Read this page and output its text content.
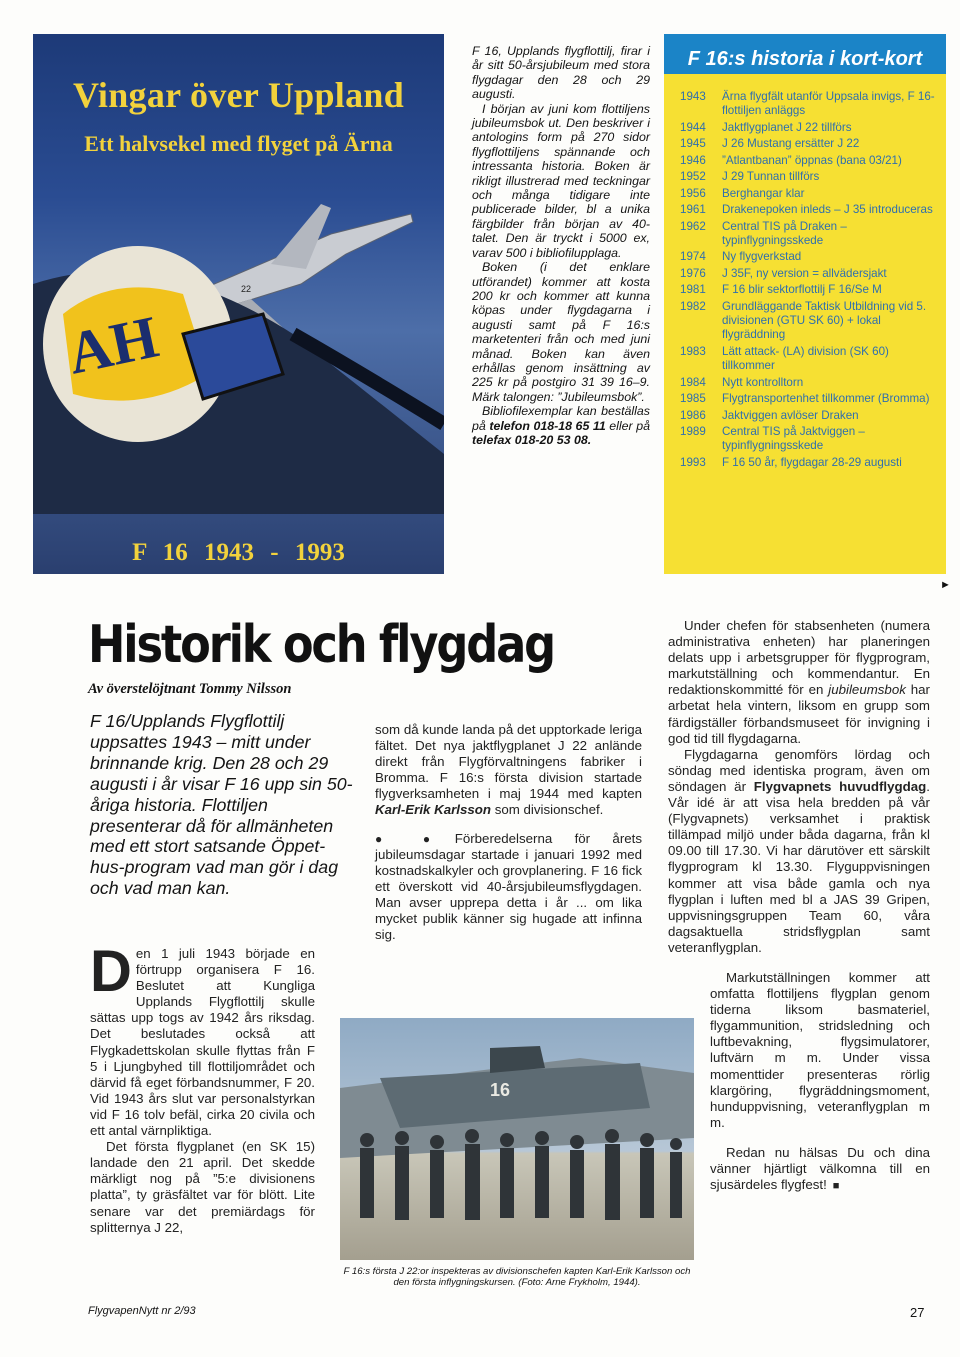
22
AH
Vingar över Uppland
Ett halvsekel med flyget på Ärna
F 16 1943 - 1993

F 16, Upplands flygflottilj, firar i år sitt 50-årsjubileum med stora flygdagar den 28 och 29 augusti.

I början av juni kom flottiljens jubileumsbok ut. Den beskriver i antologins form på 270 sidor flygflottiljens spännande och intressanta historia. Boken är rikligt illustrerad med teckningar och många tidigare inte publicerade bilder, bl a unika färgbilder från början av 40-talet. Den är tryckt i 5000 ex, varav 500 i bibliofilupplaga.

Boken (i det enklare utförandet) kommer att kosta 200 kr och kommer att kunna köpas under flygdagarna i augusti samt på F 16:s marketenteri från och med juni månad. Boken kan även erhållas genom insättning av 225 kr på postgiro 31 39 16–9. Märk talongen: ”Jubileumsbok”.

Bibliofilexemplar kan beställas på telefon 018-18 65 11 eller på telefax 018-20 53 08.

F 16:s historia i kort-kort
1943	Ärna flygfält utanför Uppsala invigs, F 16-flottiljen anläggs
1944	Jaktflygplanet J 22 tillförs
1945	J 26 Mustang ersätter J 22
1946	”Atlantbanan” öppnas (bana 03/21)
1952	J 29 Tunnan tillförs
1956	Berghangar klar
1961	Drakenepoken inleds – J 35 introduceras
1962	Central TIS på Draken – typinflygningsskede
1974	Ny flygverkstad
1976	J 35F, ny version = allvädersjakt
1981	F 16 blir sektorflottilj F 16/Se M
1982	Grundläggande Taktisk Utbildning vid 5. divisionen (GTU SK 60) + lokal flygräddning
1983	Lätt attack- (LA) division (SK 60) tillkommer
1984	Nytt kontrolltorn
1985	Flygtransportenhet tillkommer (Bromma)
1986	Jaktviggen avlöser Draken
1989	Central TIS på Jaktviggen – typinflygningsskede
1993	F 16 50 år, flygdagar 28-29 augusti
►
Historik och flygdag
Av överstelöjtnant Tommy Nilsson
F 16/Upplands Flygflottilj uppsattes 1943 – mitt under brinnande krig. Den 28 och 29 augusti i år visar F 16 upp sin 50-åriga historia. Flottiljen presenterar då för allmänheten med ett stort satsande Öppet-hus-program vad man gör i dag och vad man kan.

Den 1 juli 1943 började en förtrupp organisera F 16. Beslutet att Kungliga Upplands Flygflottilj skulle sättas upp togs av 1942 års riksdag. Det beslutades också att Flygkadettskolan skulle flyttas från F 5 i Ljungbyhed till flottiljområdet och därvid få eget förbandsnummer, F 20. Vid 1943 års slut var personalstyrkan vid F 16 tolv befäl, cirka 20 civila och ett antal värnpliktiga.

Det första flygplanet (en SK 15) landade den 21 april. Det skedde märkligt nog på ”5:e divisionens platta”, ty gräsfältet var för blött. Lite senare var det premiärdags för splitternya J 22,

som då kunde landa på det upptorkade leriga fältet. Det nya jaktflygplanet J 22 anlände direkt från Flygförvaltningens fabriker i Bromma. F 16:s första division startade flygverksamheten i maj 1944 med kapten Karl-Erik Karlsson som divisionschef.

● ● Förberedelserna för årets jubileumsdagar startade i januari 1992 med kostnadskalkyler och grovplanering. F 16 fick ett överskott vid 40-årsjubileumsflygdagen. Man avser upprepa detta i år ... om lika mycket publik känner sig hugade att infinna sig.

Under chefen för stabsenheten (numera administrativa enheten) har planeringen delats upp i arbetsgrupper för flygprogram, markutställning och kommendantur. En redaktionskommitté för en jubileumsbok har arbetat hela vintern, liksom en grupp som färdigställer förbandsmuseet för invigning i god tid till flygdagarna.

Flygdagarna genomförs lördag och söndag med identiska program, även om söndagen är Flygvapnets huvudflygdag. Vår idé är att visa hela bredden på vår (Flygvapnets) verksamhet i praktisk tillämpad miljö under båda dagarna, från kl 09.00 till 17.30. Vi har därutöver ett särskilt flygprogram kl 13.30. Flyguppvisningen kommer att visa både gamla och nya flygplan i luften med bl a JAS 39 Gripen, uppvisningsgruppen Team 60, våra dagsaktuella stridsflygplan samt veteranflygplan.

Markutställningen kommer att omfatta flottiljens flygplan genom tiderna liksom basmateriel, flygammunition, stridsledning och luftbevakning, flygsimulatorer, luftvärn m m. Under vissa momenttider presenteras rörlig klargöring, flygräddningsmoment, hunduppvisning, veteranflygplan m m.

Redan nu hälsas Du och dina vänner hjärtligt välkomna till en sjusärdeles flygfest! ■

16
F 16:s första J 22:or inspekteras av divisionschefen kapten Karl-Erik Karlsson och den första inflygningskursen. (Foto: Arne Frykholm, 1944).
FlygvapenNytt nr 2/93	27
